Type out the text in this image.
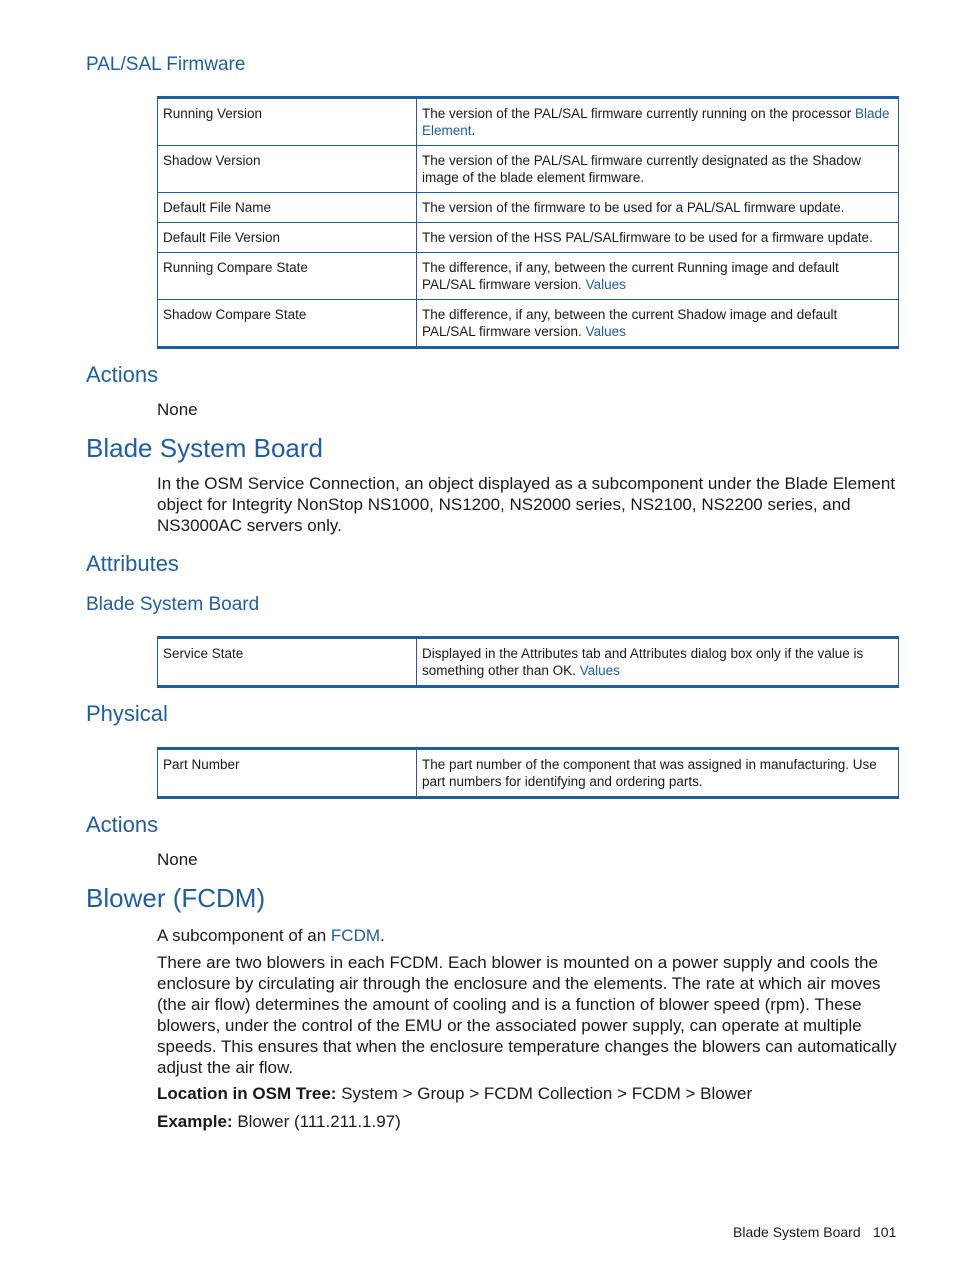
PAL/SAL Firmware
Running Version	The version of the PAL/SAL firmware currently running on the processor Blade Element.
Shadow Version	The version of the PAL/SAL firmware currently designated as the Shadow image of the blade element firmware.
Default File Name	The version of the firmware to be used for a PAL/SAL firmware update.
Default File Version	The version of the HSS PAL/SALfirmware to be used for a firmware update.
Running Compare State	The difference, if any, between the current Running image and default PAL/SAL firmware version. Values
Shadow Compare State	The difference, if any, between the current Shadow image and default PAL/SAL firmware version. Values
Actions
None
Blade System Board
In the OSM Service Connection, an object displayed as a subcomponent under the Blade Element object for Integrity NonStop NS1000, NS1200, NS2000 series, NS2100, NS2200 series, and NS3000AC servers only.
Attributes
Blade System Board
Service State	Displayed in the Attributes tab and Attributes dialog box only if the value is something other than OK. Values
Physical
Part Number	The part number of the component that was assigned in manufacturing. Use part numbers for identifying and ordering parts.
Actions
None
Blower (FCDM)
A subcomponent of an FCDM.
There are two blowers in each FCDM. Each blower is mounted on a power supply and cools the enclosure by circulating air through the enclosure and the elements. The rate at which air moves (the air flow) determines the amount of cooling and is a function of blower speed (rpm). These blowers, under the control of the EMU or the associated power supply, can operate at multiple speeds. This ensures that when the enclosure temperature changes the blowers can automatically adjust the air flow.
Location in OSM Tree: System > Group > FCDM Collection > FCDM > Blower
Example: Blower (111.211.1.97)
Blade System Board 101
